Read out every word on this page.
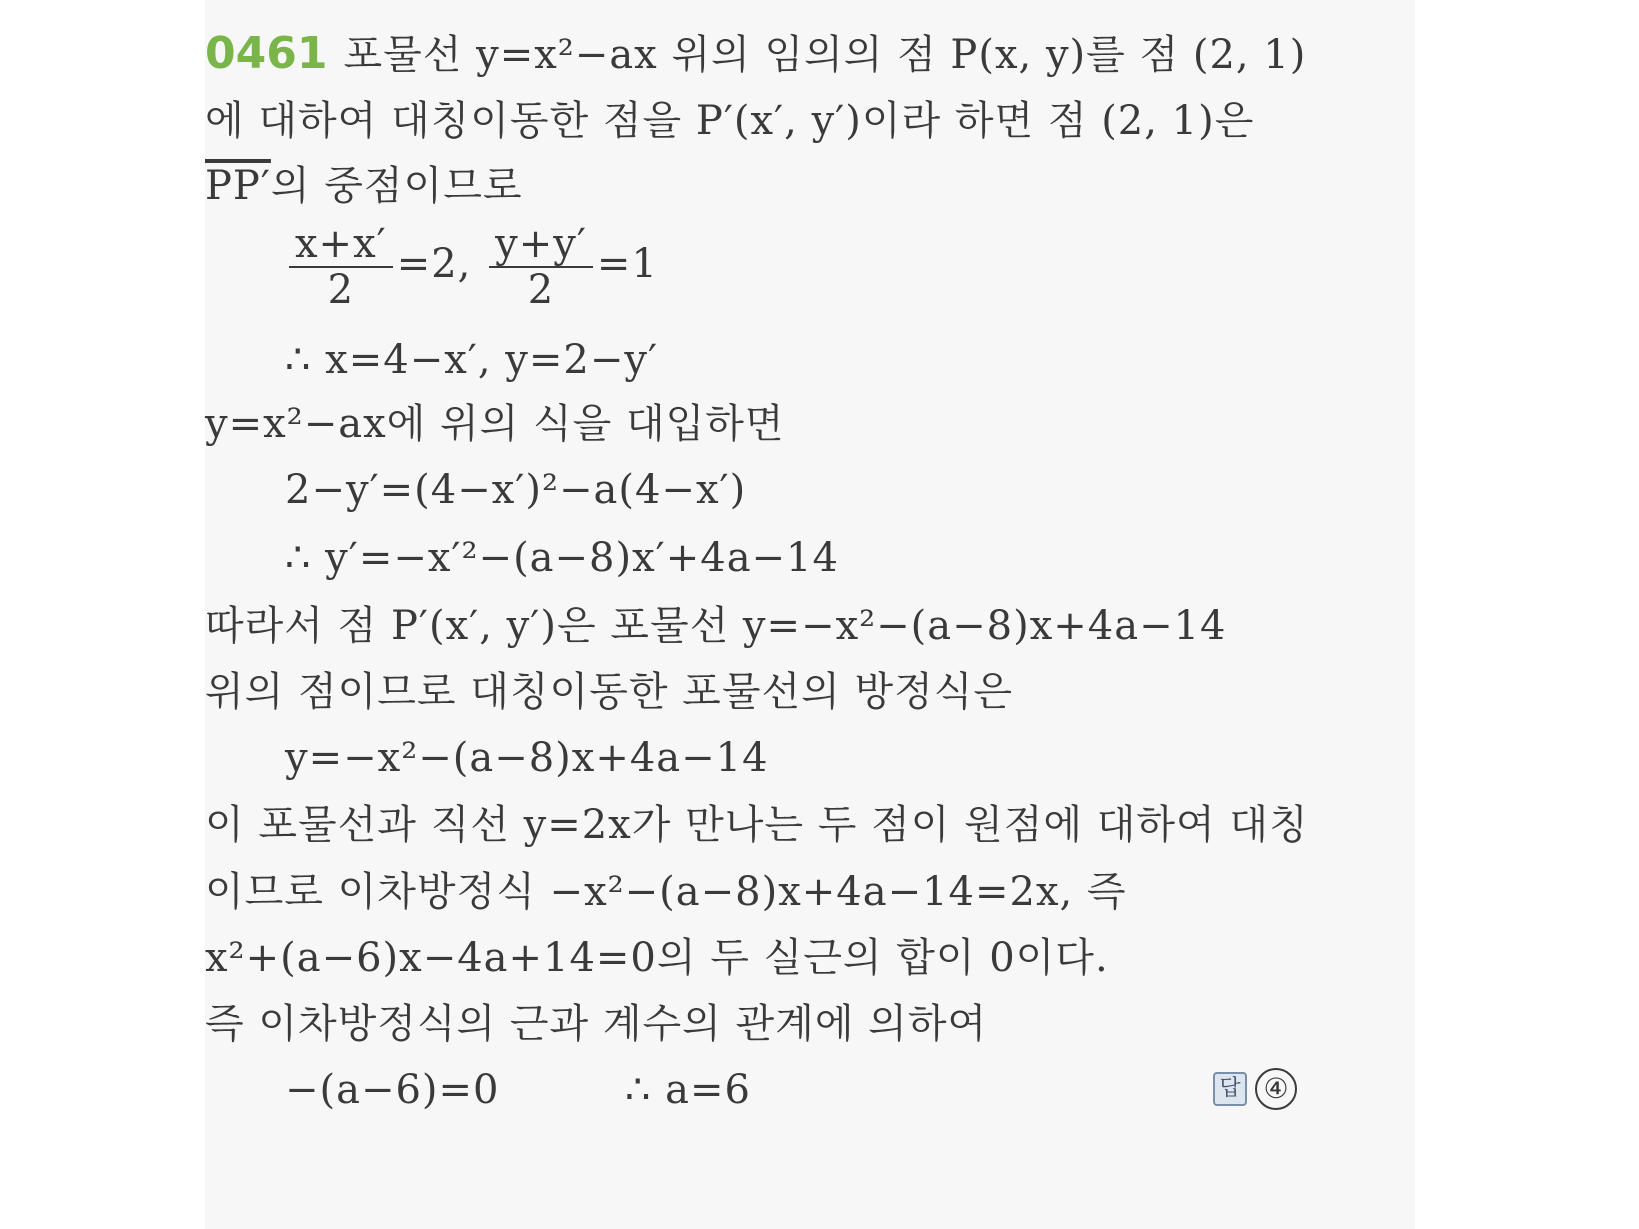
0461 포물선 y=x²−ax 위의 임의의 점 P(x, y)를 점 (2, 1)
에 대하여 대칭이동한 점을 P′(x′, y′)이라 하면 점 (2, 1)은
PP′의 중점이므로
$\frac{x+x'}{2} =2$, $\frac{y+y'}{2} =1$
∴ x=4−x′, y=2−y′
y=x²−ax에 위의 식을 대입하면
2−y′=(4−x′)²−a(4−x′)
∴ y′=−x′²−(a−8)x′+4a−14
따라서 점 P′(x′, y′)은 포물선 y=−x²−(a−8)x+4a−14
위의 점이므로 대칭이동한 포물선의 방정식은
y=−x²−(a−8)x+4a−14
이 포물선과 직선 y=2x가 만나는 두 점이 원점에 대하여 대칭
이므로 이차방정식 −x²−(a−8)x+4a−14=2x, 즉
x²+(a−6)x−4a+14=0의 두 실근의 합이 0이다.
즉 이차방정식의 근과 계수의 관계에 의하여
−(a−6)=0	∴ a=6	답 ④
